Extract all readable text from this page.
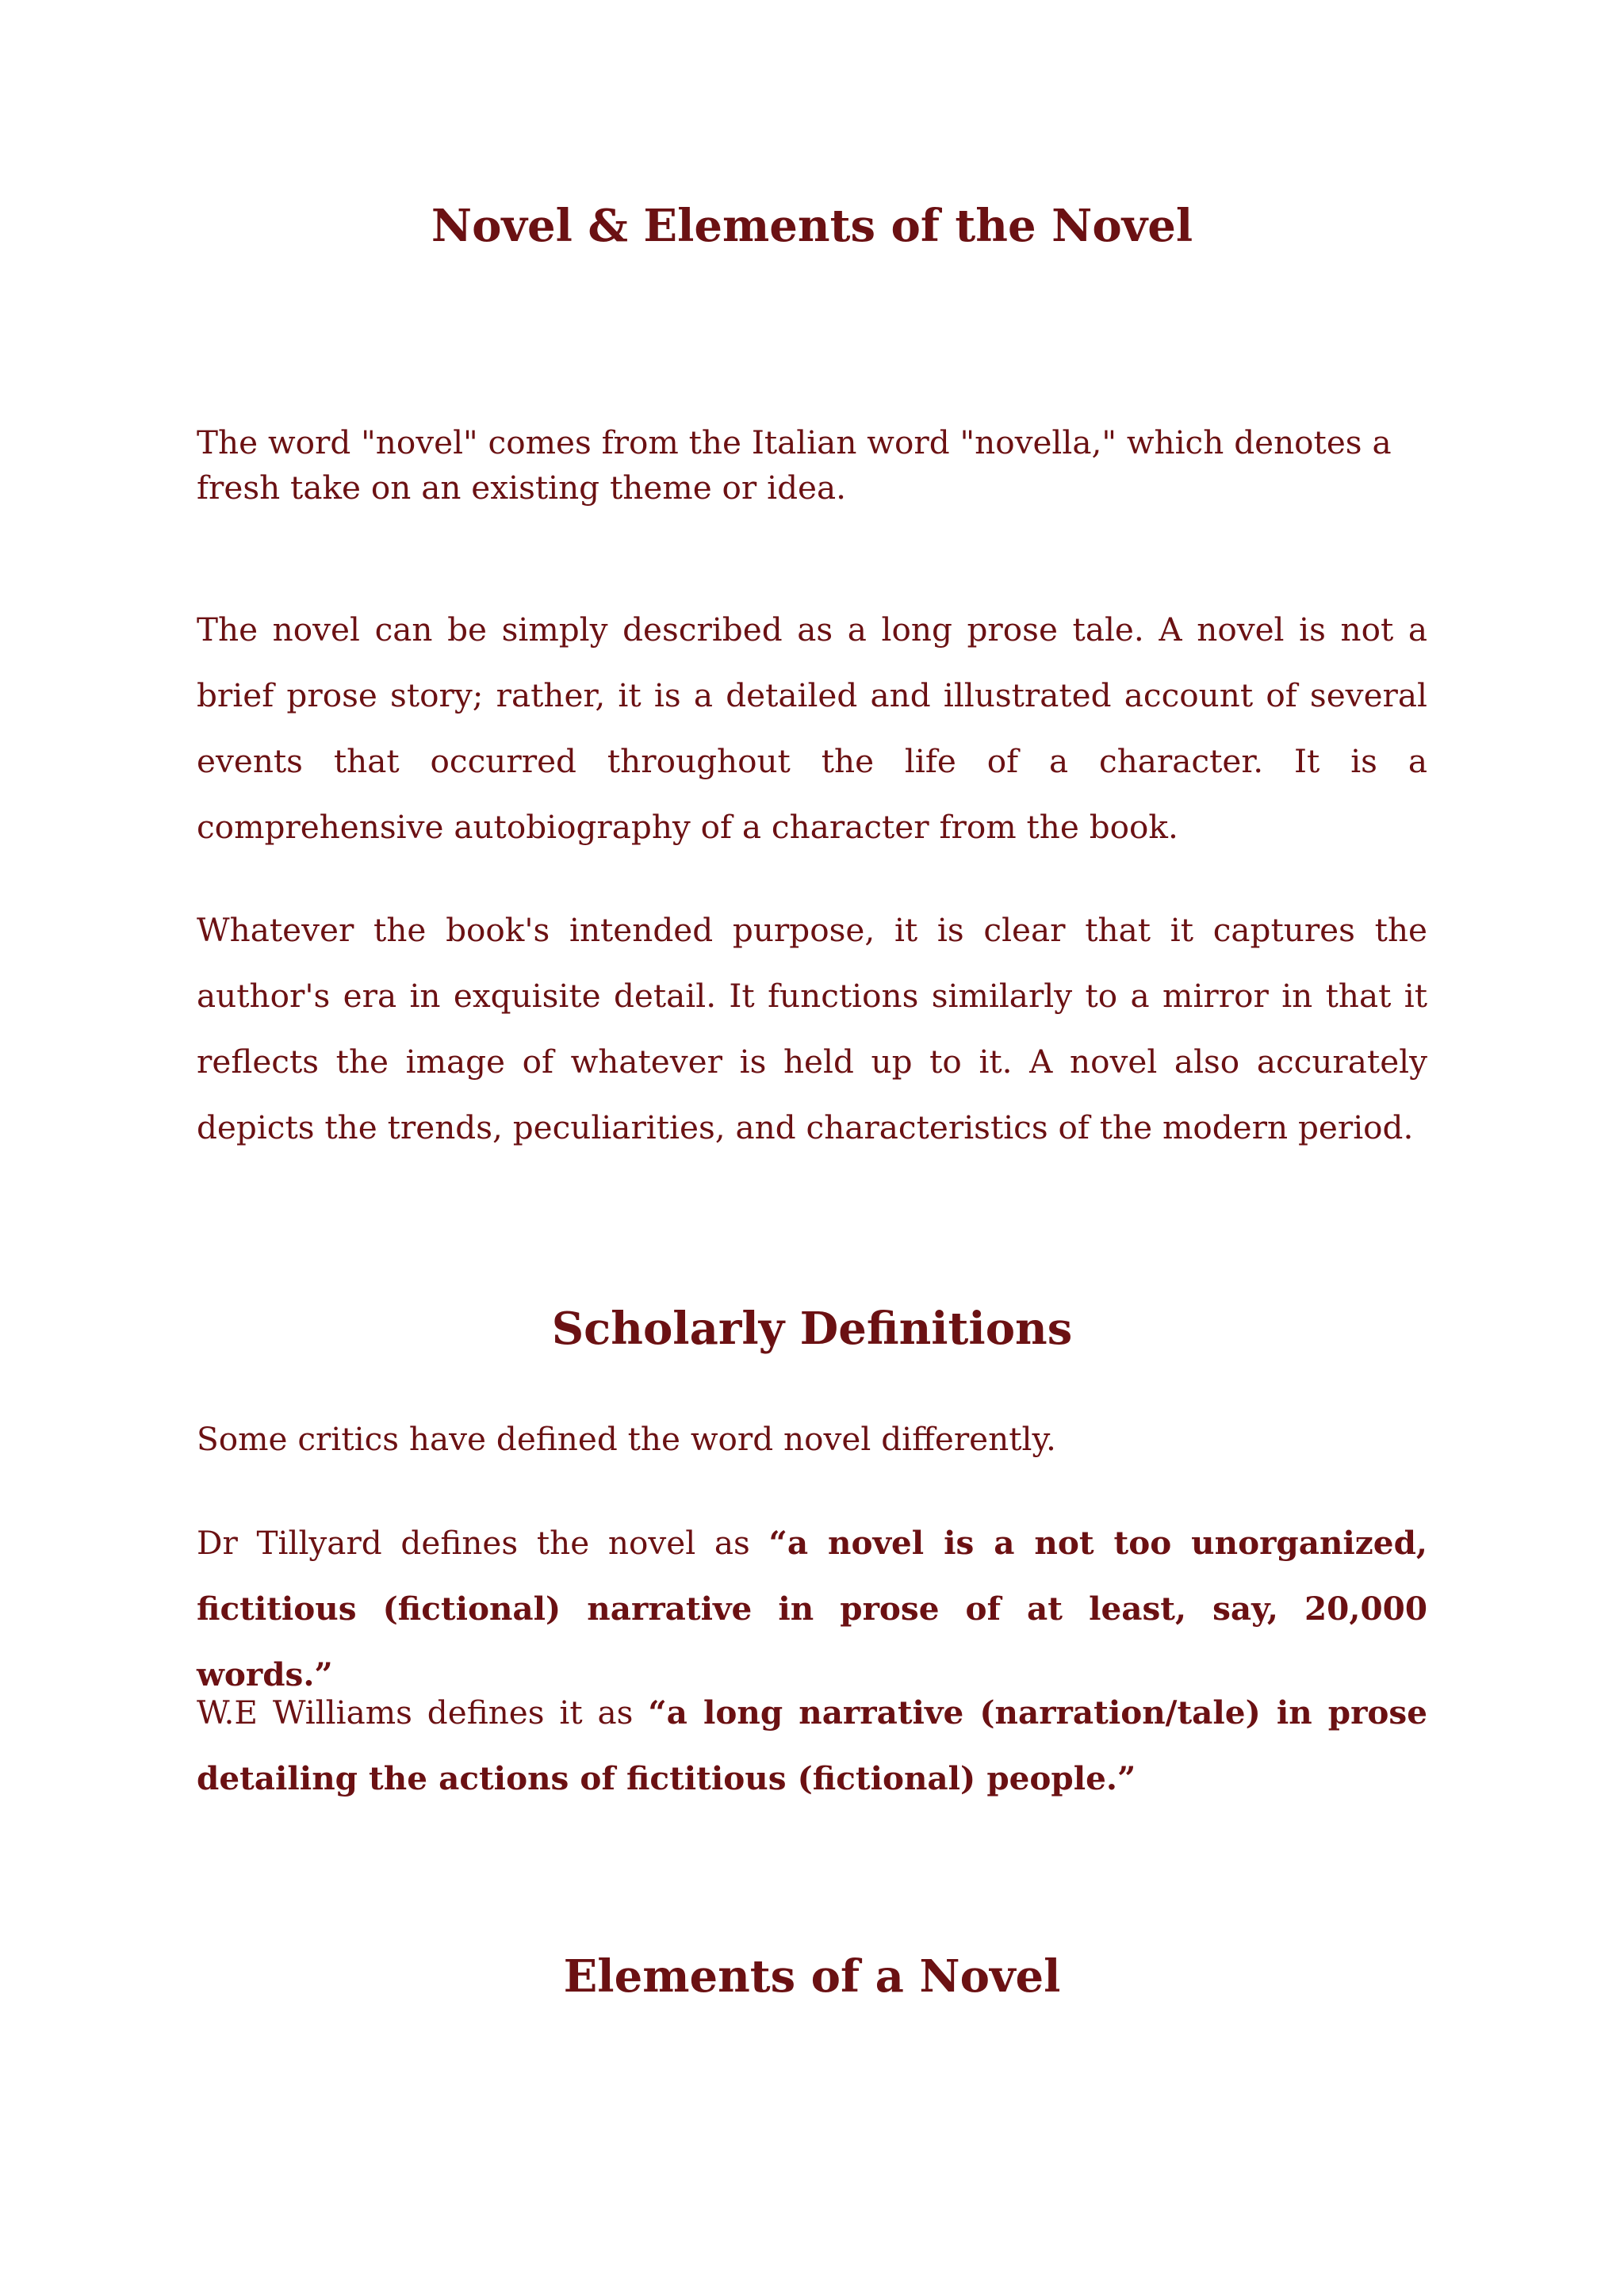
Novel & Elements of the Novel

The word "novel" comes from the Italian word "novella," which denotes a fresh take on an existing theme or idea.

The novel can be simply described as a long prose tale. A novel is not a brief prose story; rather, it is a detailed and illustrated account of several events that occurred throughout the life of a character. It is a comprehensive autobiography of a character from the book.

Whatever the book's intended purpose, it is clear that it captures the author's era in exquisite detail. It functions similarly to a mirror in that it reflects the image of whatever is held up to it. A novel also accurately depicts the trends, peculiarities, and characteristics of the modern period.

Scholarly Definitions

Some critics have defined the word novel differently.

Dr Tillyard defines the novel as “a novel is a not too unorganized, fictitious (fictional) narrative in prose of at least, say, 20,000 words.”

W.E Williams defines it as “a long narrative (narration/tale) in prose detailing the actions of fictitious (fictional) people.”

Elements of a Novel
